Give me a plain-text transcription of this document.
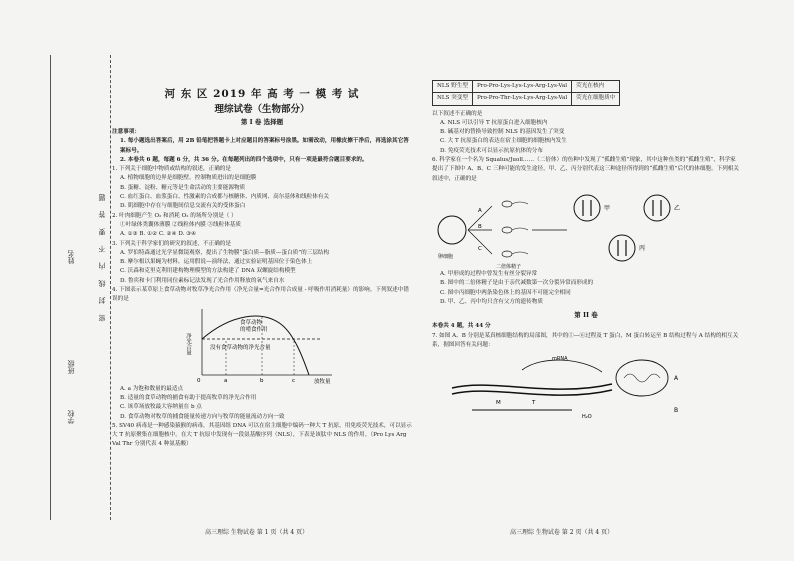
姓名	密 封 线 内 不 要 答 题
班级
学校
河 东 区 2019 年 高 考 一 模 考 试
理综试卷（生物部分）
第 I 卷 选择题
注意事项：
1. 每小题选出答案后，用 2B 铅笔把答题卡上对应题目的答案标号涂黑。如需改动，用橡皮擦干净后，再选涂其它答案标号。
2. 本卷共 6 题，每题 6 分，共 36 分。在每题列出的四个选项中，只有一项是最符合题目要求的。
1. 下列关于细胞中物质或结构的叙述，正确的是
A. 植物细胞的边界是细胞壁，控制物质进出的是细胞膜
B. 蛋糖、淀粉、糖元等是生命活动的主要能源物质
C. 血红蛋白、血浆蛋白、性激素的合成都与核糖体、内质网、高尔基体和线粒体有关
D. 肌细胞中存在与细胞间信息交流有关的受体蛋白
2. 叶肉细胞产生 O₂ 和消耗 O₂ 的场所分别是（ ）
①叶绿体类囊体薄膜 ②线粒体内膜 ③线粒体基质
A. ①③ B. ①② C. ②④ D. ③④
3. 下列关于科学家们的研究的叙述，不正确的是
A. 罗伯特森通过光学显微镜观察，提出了生物膜“蛋白质—脂质—蛋白质”的三层结构
B. 摩尔根以果蝇为材料，运用假说—演绎法，通过实验证明基因位于染色体上
C. 沃森和克里克利用建构物理模型的方法构建了 DNA 双螺旋结构模型
D. 鲁宾和卡门利用同位素标记法发现了光合作用释放的氧气来自水
4. 下图表示某草原上食草动物对牧草净光合作用（净光合量=光合作用合成量 - 呼吸作用消耗量）的影响。下列叙述中错误的是
净光合量
放牧量
食草动物
的啃食作用
没有食草动物的净光合量
a	b	c
0
A. a 为饱和数量的最适点
B. 适量的食草动物的捕食有助于提高牧草的净光合作用
C. 该草场放牧最大容纳量在 b 点
D. 食草动物对牧草的捕食能量传递方向与牧草的能量流动方向一致
5. SV40 病毒是一种感染猿猴的病毒，其基因组 DNA 可以在宿主细胞中编码一种大 T 抗原，用免疫荧光技术，可以显示大 T 抗原聚集在细胞核中。在大 T 抗原中发现有一段氨基酸序列（NLS），下表是该肽中 NLS 的作用。（Pro Lys Arg Val Thr 分别代表 4 种氨基酸）
NLS 野生型	Pro-Pro-Lys-Lys-Lys-Arg-Lys-Val	荧光在核内
NLS 突变型	Pro-Pro-Thr-Lys-Lys-Arg-Lys-Val	荧光在细胞质中
以下叙述不正确的是
A. NLS 可以引导 T 抗原蛋白进入细胞核内
B. 碱基对的替换导致控制 NLS 的基因发生了突变
C. 大 T 抗原蛋白的表达在宿主细胞的细胞核内发生
D. 免疫荧光技术可以显示抗原抗体的分布
6. 科学家在一个名为 Squalus/Juoll……（二倍体）的鱼种中发现了“孤雌生殖”现象，其中这种鱼类的“孤雌生殖”，科学家提出了下图中 A、B、C 三种可能的发生途径，甲、乙、丙分别代表这三种途径所得到的“孤雌生殖”后代的体细胞。下列相关叙述中，正确的是
卵细胞
A
B
C
二倍体精子
甲	乙
丙
A. 甲形成的过程中曾发生有丝分裂异常
B. 图中的二倍体精子是由于亲代减数第一次分裂异常而形成的
C. 图中丙细胞中两条染色体上的基因不可能完全相同
D. 甲、乙、丙中均只含有父方的遗传物质
第 II 卷
本卷共 4 题，共 44 分
7. 如图 A、B 分别是某真核细胞结构的局部图，其中的①—⑥过程及 T 蛋白，M 蛋白转运至 B 结构过程与 A 结构的相互关系，据图回答有关问题：
mRNA
A
B
M	T
H₂O
高三理综 生物试卷 第 1 页（共 4 页）	高三理综 生物试卷 第 2 页（共 4 页）
